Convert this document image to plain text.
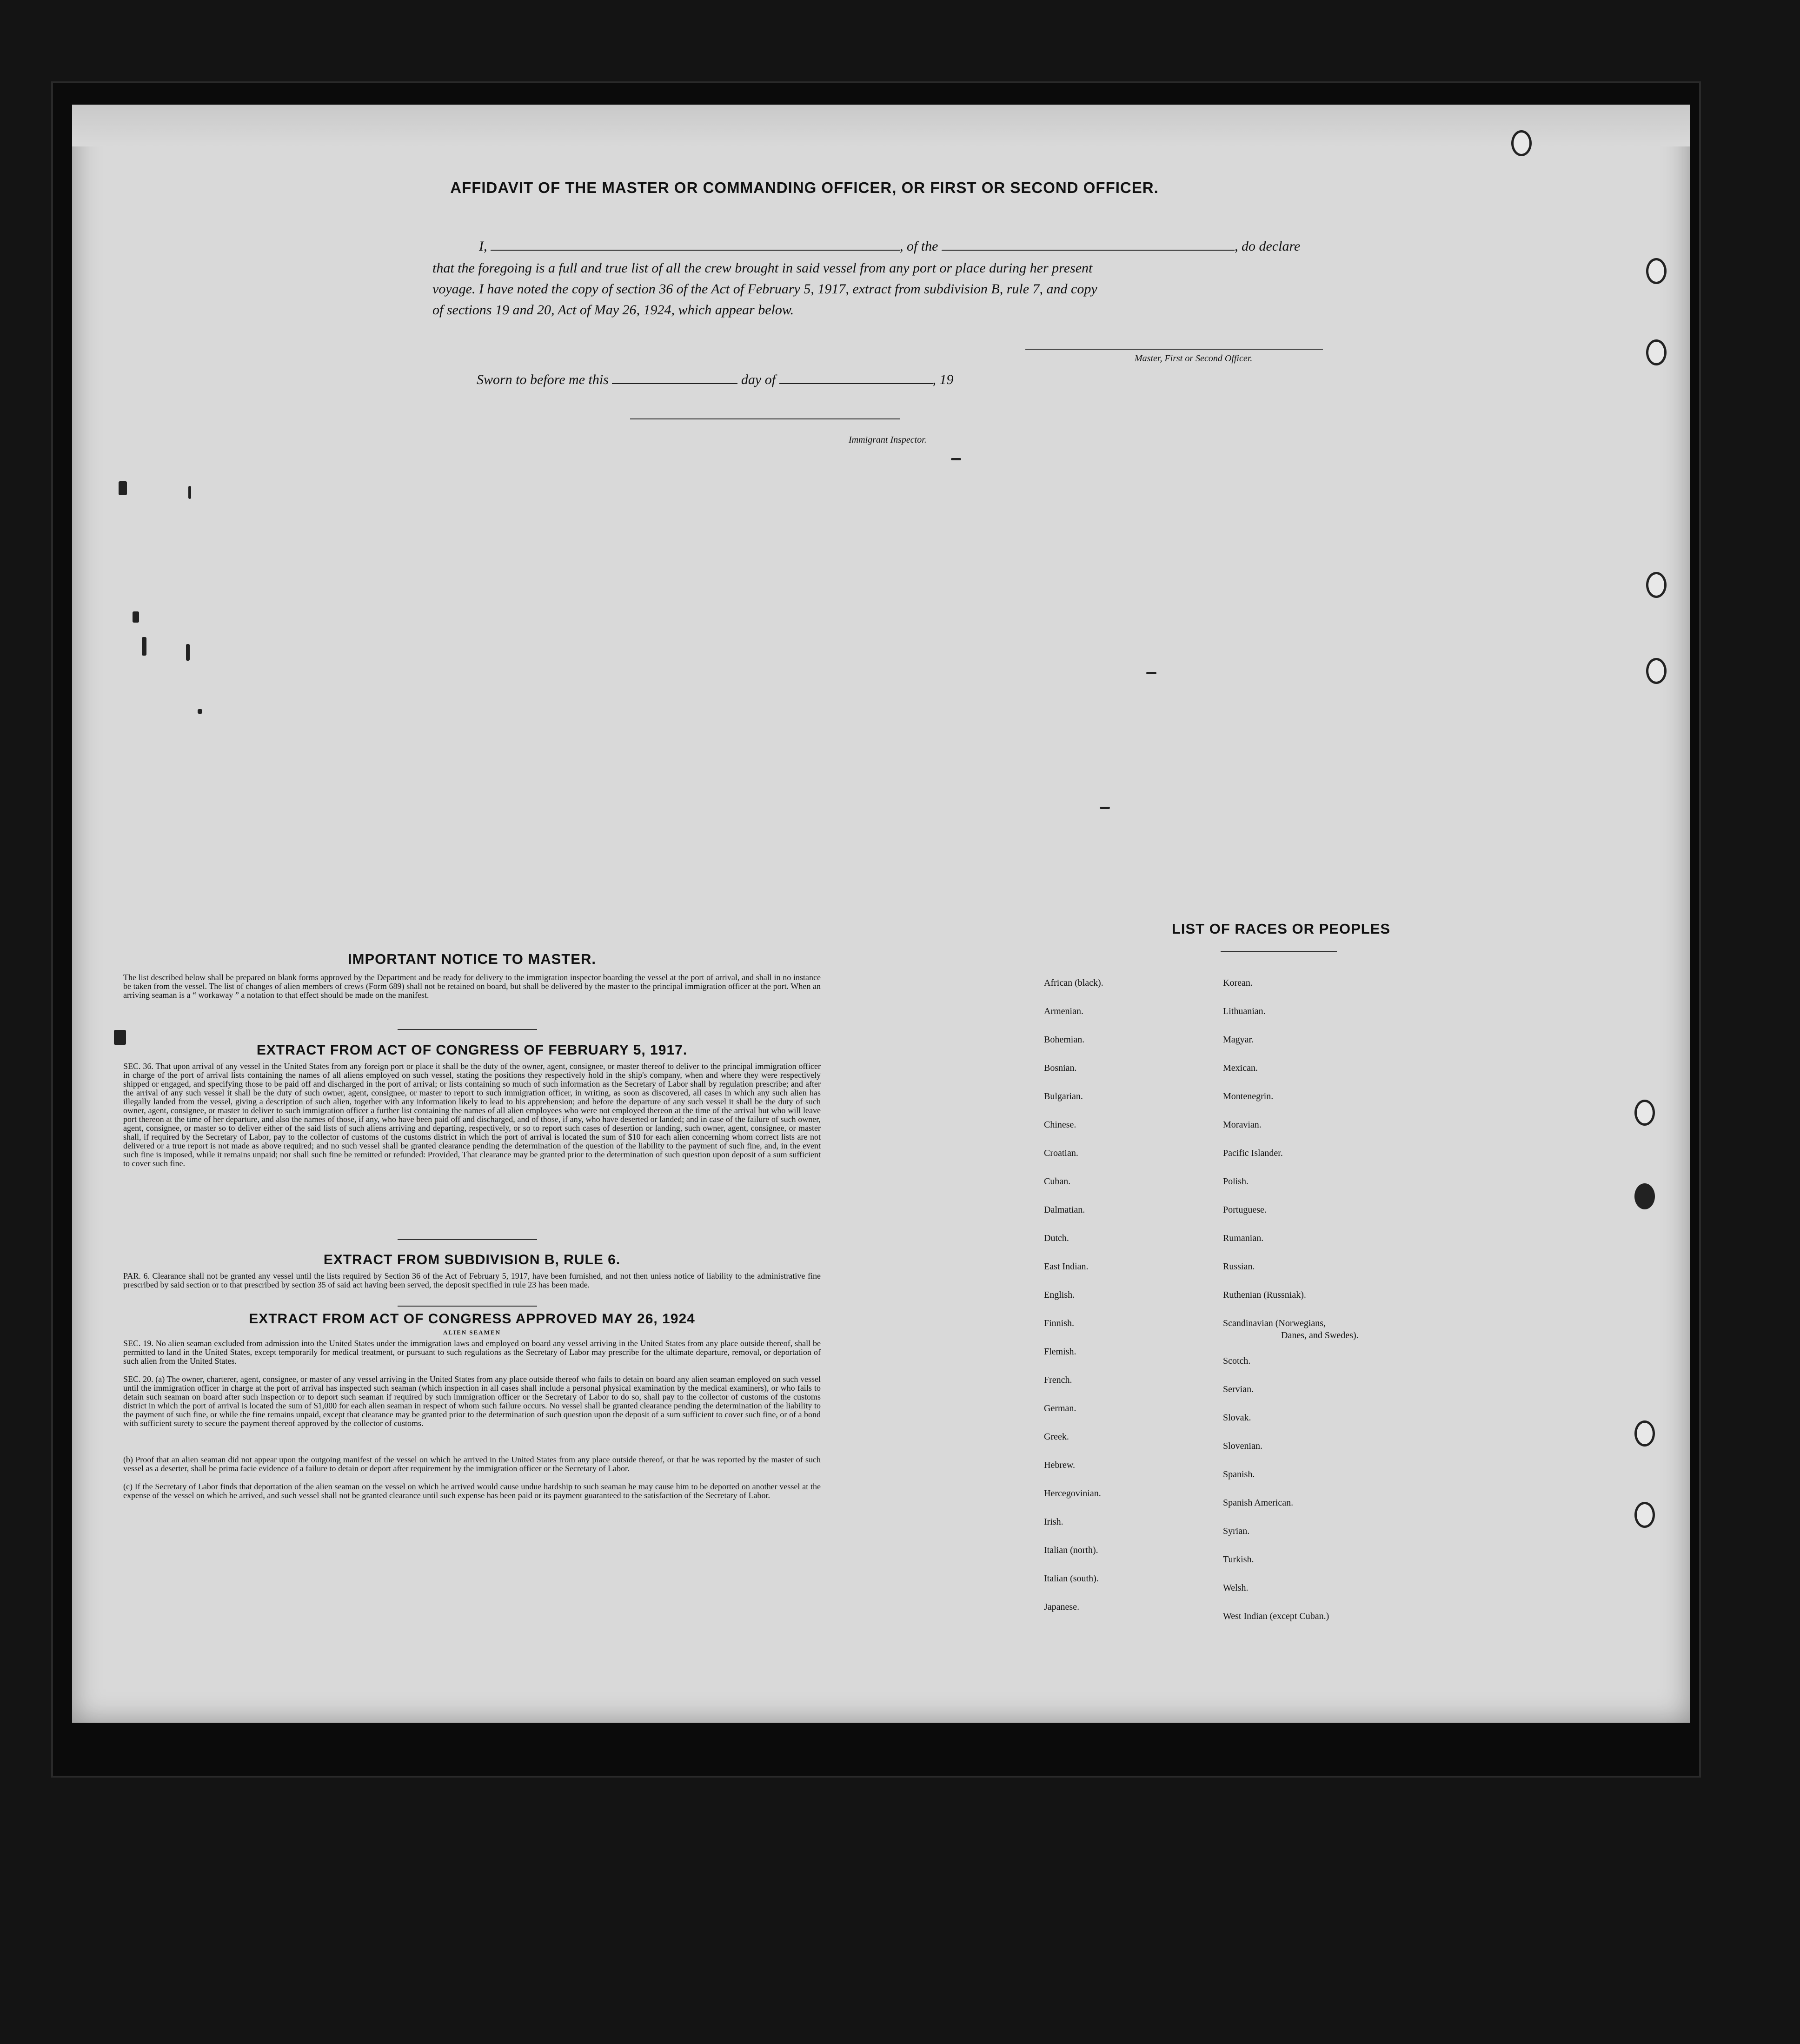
AFFIDAVIT OF THE MASTER OR COMMANDING OFFICER, OR FIRST OR SECOND OFFICER.
I,	, of the	, do declare
that the foregoing is a full and true list of all the crew brought in said vessel from any port or place during her present
voyage. I have noted the copy of section 36 of the Act of February 5, 1917, extract from subdivision B, rule 7, and copy
of sections 19 and 20, Act of May 26, 1924, which appear below.
Master, First or Second Officer.
Sworn to before me this	day of	, 19
Immigrant Inspector.
IMPORTANT NOTICE TO MASTER.
The list described below shall be prepared on blank forms approved by the Department and be ready for delivery to the immigration inspector boarding the vessel at the port of arrival, and shall in no instance be taken from the vessel. The list of changes of alien members of crews (Form 689) shall not be retained on board, but shall be delivered by the master to the principal immigration officer at the port. When an arriving seaman is a “ workaway ” a notation to that effect should be made on the manifest.
EXTRACT FROM ACT OF CONGRESS OF FEBRUARY 5, 1917.
SEC. 36. That upon arrival of any vessel in the United States from any foreign port or place it shall be the duty of the owner, agent, consignee, or master thereof to deliver to the principal immigration officer in charge of the port of arrival lists containing the names of all aliens employed on such vessel, stating the positions they respectively hold in the ship's company, when and where they were respectively shipped or engaged, and specifying those to be paid off and discharged in the port of arrival; or lists containing so much of such information as the Secretary of Labor shall by regulation prescribe; and after the arrival of any such vessel it shall be the duty of such owner, agent, consignee, or master to report to such immigration officer, in writing, as soon as discovered, all cases in which any such alien has illegally landed from the vessel, giving a description of such alien, together with any information likely to lead to his apprehension; and before the departure of any such vessel it shall be the duty of such owner, agent, consignee, or master to deliver to such immigration officer a further list containing the names of all alien employees who were not employed thereon at the time of the arrival but who will leave port thereon at the time of her departure, and also the names of those, if any, who have been paid off and discharged, and of those, if any, who have deserted or landed; and in case of the failure of such owner, agent, consignee, or master so to deliver either of the said lists of such aliens arriving and departing, respectively, or so to report such cases of desertion or landing, such owner, agent, consignee, or master shall, if required by the Secretary of Labor, pay to the collector of customs of the customs district in which the port of arrival is located the sum of $10 for each alien concerning whom correct lists are not delivered or a true report is not made as above required; and no such vessel shall be granted clearance pending the determination of the question of the liability to the payment of such fine, and, in the event such fine is imposed, while it remains unpaid; nor shall such fine be remitted or refunded: Provided, That clearance may be granted prior to the determination of such question upon deposit of a sum sufficient to cover such fine.
EXTRACT FROM SUBDIVISION B, RULE 6.
PAR. 6. Clearance shall not be granted any vessel until the lists required by Section 36 of the Act of February 5, 1917, have been furnished, and not then unless notice of liability to the administrative fine prescribed by said section or to that prescribed by section 35 of said act having been served, the deposit specified in rule 23 has been made.
EXTRACT FROM ACT OF CONGRESS APPROVED MAY 26, 1924
ALIEN SEAMEN
SEC. 19. No alien seaman excluded from admission into the United States under the immigration laws and employed on board any vessel arriving in the United States from any place outside thereof, shall be permitted to land in the United States, except temporarily for medical treatment, or pursuant to such regulations as the Secretary of Labor may prescribe for the ultimate departure, removal, or deportation of such alien from the United States.
SEC. 20. (a) The owner, charterer, agent, consignee, or master of any vessel arriving in the United States from any place outside thereof who fails to detain on board any alien seaman employed on such vessel until the immigration officer in charge at the port of arrival has inspected such seaman (which inspection in all cases shall include a personal physical examination by the medical examiners), or who fails to detain such seaman on board after such inspection or to deport such seaman if required by such immigration officer or the Secretary of Labor to do so, shall pay to the collector of customs of the customs district in which the port of arrival is located the sum of $1,000 for each alien seaman in respect of whom such failure occurs. No vessel shall be granted clearance pending the determination of the liability to the payment of such fine, or while the fine remains unpaid, except that clearance may be granted prior to the determination of such question upon the deposit of a sum sufficient to cover such fine, or of a bond with sufficient surety to secure the payment thereof approved by the collector of customs.
(b) Proof that an alien seaman did not appear upon the outgoing manifest of the vessel on which he arrived in the United States from any place outside thereof, or that he was reported by the master of such vessel as a deserter, shall be prima facie evidence of a failure to detain or deport after requirement by the immigration officer or the Secretary of Labor.
(c) If the Secretary of Labor finds that deportation of the alien seaman on the vessel on which he arrived would cause undue hardship to such seaman he may cause him to be deported on another vessel at the expense of the vessel on which he arrived, and such vessel shall not be granted clearance until such expense has been paid or its payment guaranteed to the satisfaction of the Secretary of Labor.
LIST OF RACES OR PEOPLES
African (black).
Armenian.
Bohemian.
Bosnian.
Bulgarian.
Chinese.
Croatian.
Cuban.
Dalmatian.
Dutch.
East Indian.
English.
Finnish.
Flemish.
French.
German.
Greek.
Hebrew.
Hercegovinian.
Irish.
Italian (north).
Italian (south).
Japanese.
Korean.
Lithuanian.
Magyar.
Mexican.
Montenegrin.
Moravian.
Pacific Islander.
Polish.
Portuguese.
Rumanian.
Russian.
Ruthenian (Russniak).
Scandinavian (Norwegians,
Scotch.
Servian.
Slovak.
Slovenian.
Spanish.
Spanish American.
Syrian.
Turkish.
Welsh.
West Indian (except Cuban.)
Danes, and Swedes).
